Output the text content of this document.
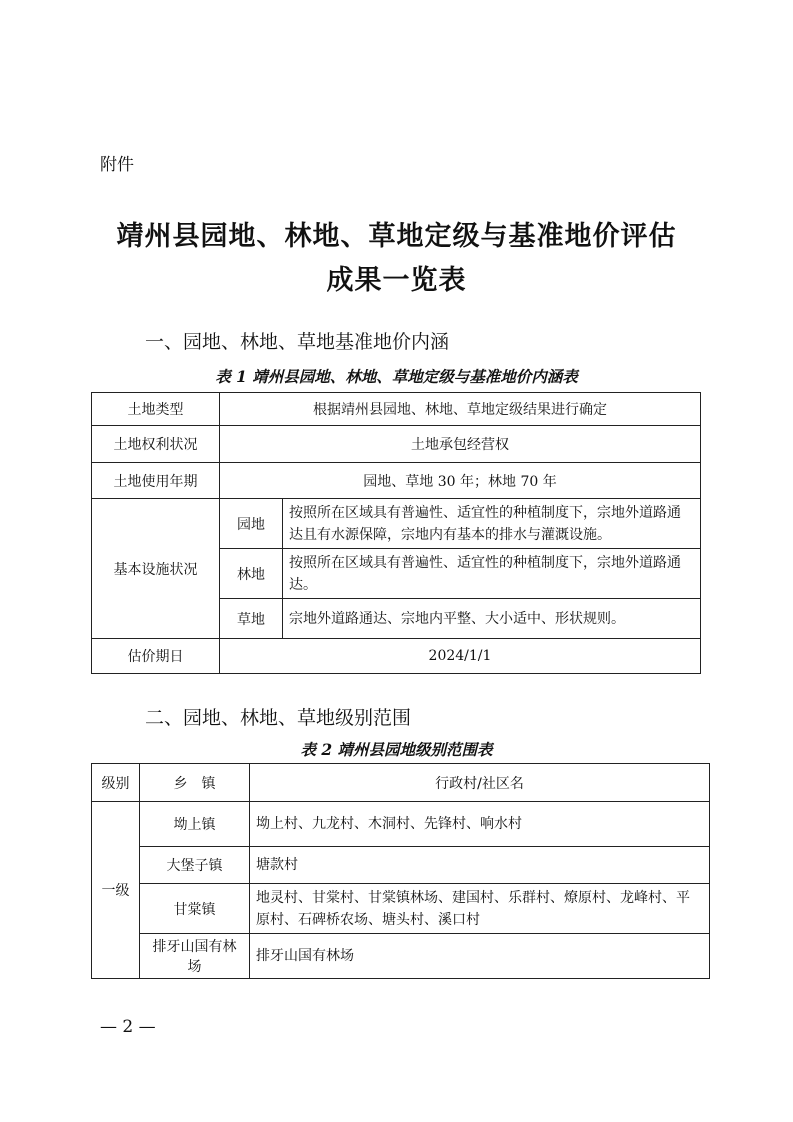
附件
靖州县园地、林地、草地定级与基准地价评估
成果一览表
一、园地、林地、草地基准地价内涵
表 1 靖州县园地、林地、草地定级与基准地价内涵表
土地类型	根据靖州县园地、林地、草地定级结果进行确定	
土地权利状况	土地承包经营权	
土地使用年期	园地、草地 30 年；林地 70 年	
基本设施状况	园地	按照所在区域具有普遍性、适宜性的种植制度下，宗地外道路通达且有水源保障，宗地内有基本的排水与灌溉设施。
	林地	按照所在区域具有普遍性、适宜性的种植制度下，宗地外道路通达。
	草地	宗地外道路通达、宗地内平整、大小适中、形状规则。
估价期日	2024/1/1	
二、园地、林地、草地级别范围
表 2 靖州县园地级别范围表
级别	乡　镇	行政村/社区名
一级	坳上镇	坳上村、九龙村、木洞村、先锋村、响水村
	大堡子镇	塘款村
	甘棠镇	地灵村、甘棠村、甘棠镇林场、建国村、乐群村、燎原村、龙峰村、平原村、石碑桥农场、塘头村、溪口村
	排牙山国有林场	排牙山国有林场
— 2 —
